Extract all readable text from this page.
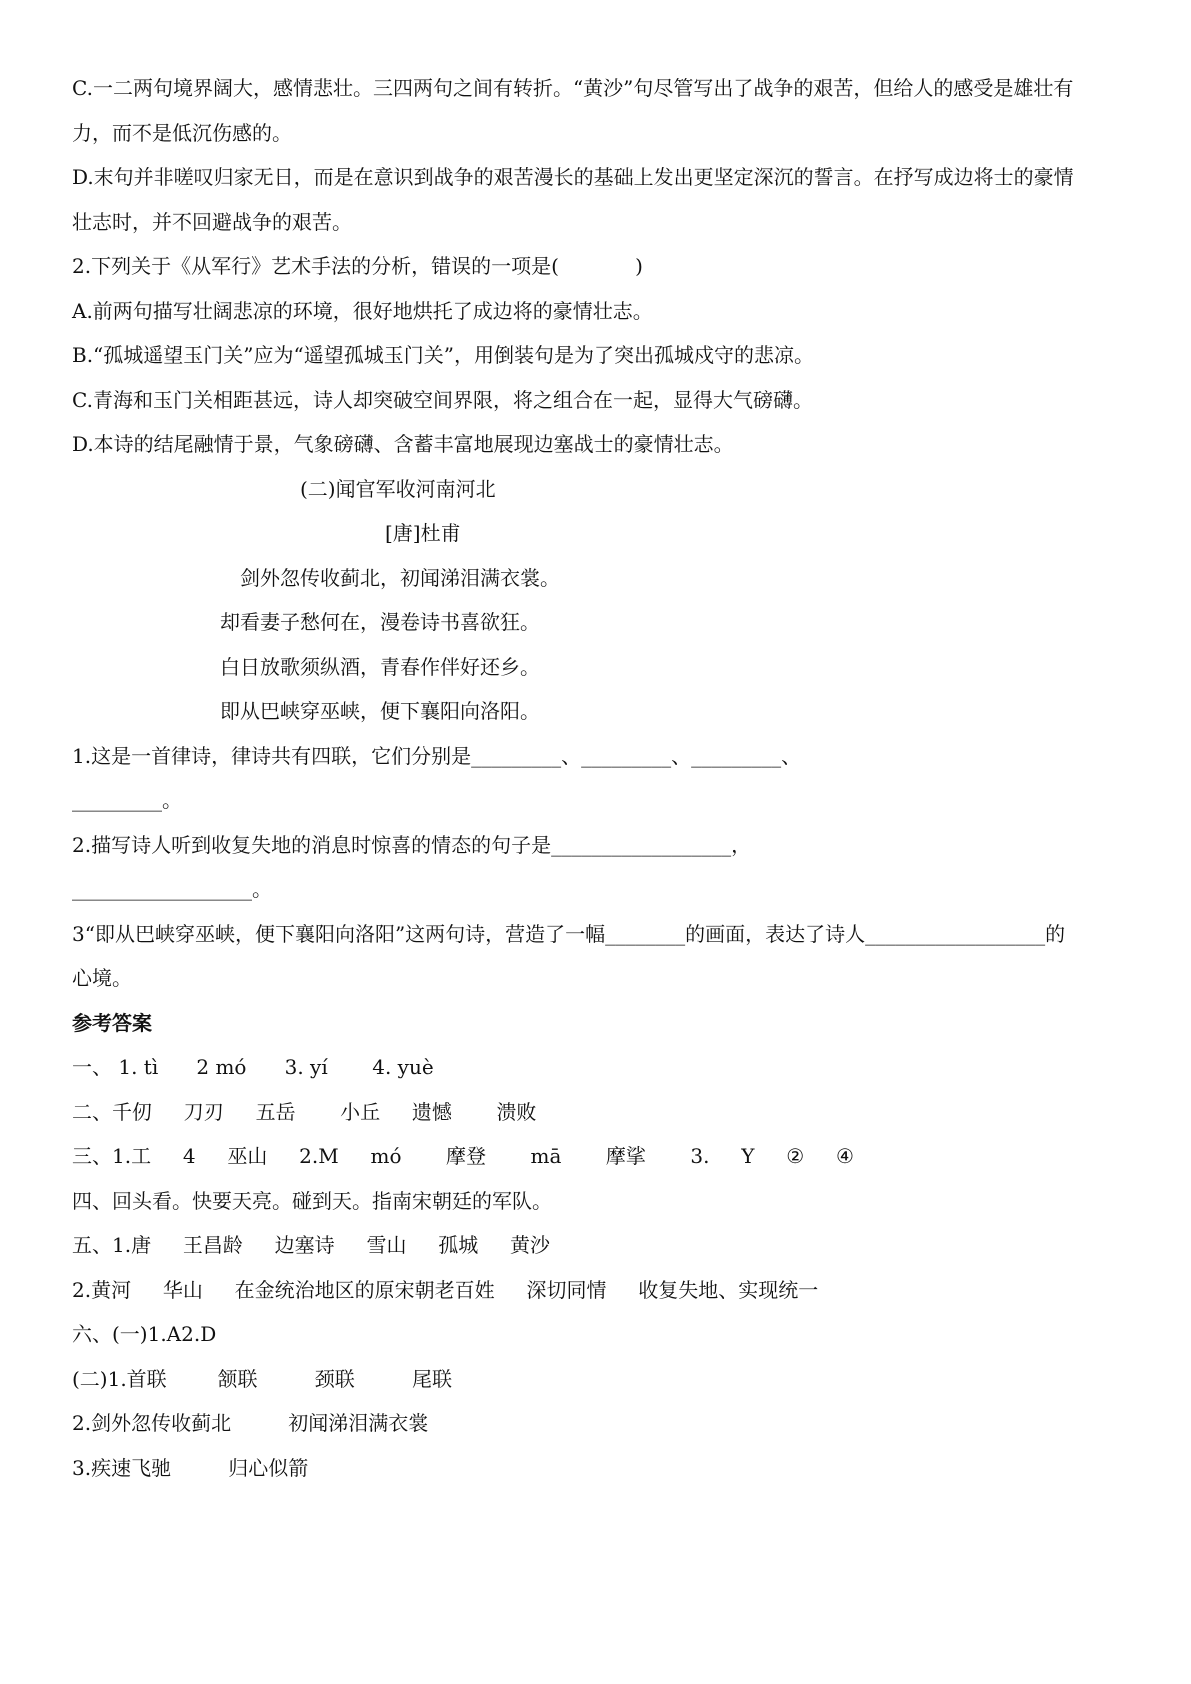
C.一二两句境界阔大，感情悲壮。三四两句之间有转折。“黄沙”句尽管写出了战争的艰苦，但给人的感受是雄壮有
力，而不是低沉伤感的。
D.末句并非嗟叹归家无日，而是在意识到战争的艰苦漫长的基础上发出更坚定深沉的誓言。在抒写成边将士的豪情
壮志时，并不回避战争的艰苦。
2.下列关于《从军行》艺术手法的分析，错误的一项是(            )
A.前两句描写壮阔悲凉的环境，很好地烘托了成边将的豪情壮志。
B.“孤城遥望玉门关”应为“遥望孤城玉门关”，用倒装句是为了突出孤城戍守的悲凉。
C.青海和玉门关相距甚远，诗人却突破空间界限，将之组合在一起，显得大气磅礴。
D.本诗的结尾融情于景，气象磅礴、含蓄丰富地展现边塞战士的豪情壮志。
(二)闻官军收河南河北
[唐]杜甫
剑外忽传收蓟北，初闻涕泪满衣裳。
却看妻子愁何在，漫卷诗书喜欲狂。
白日放歌须纵酒，青春作伴好还乡。
即从巴峡穿巫峡，便下襄阳向洛阳。
1.这是一首律诗，律诗共有四联，它们分别是_________、_________、_________、
_________。
2.描写诗人听到收复失地的消息时惊喜的情态的句子是__________________，
__________________。
3“即从巴峡穿巫峡，便下襄阳向洛阳”这两句诗，营造了一幅________的画面，表达了诗人__________________的
心境。
参考答案
一、 1. tì      2 mó      3. yí       4. yuè
二、千仞     刀刃     五岳       小丘     遗憾       溃败
三、1.工     4     巫山     2.M     mó       摩登       mā       摩挲       3.     Y     ②     ④
四、回头看。快要天亮。碰到天。指南宋朝廷的军队。
五、1.唐     王昌龄     边塞诗     雪山     孤城     黄沙
2.黄河     华山     在金统治地区的原宋朝老百姓     深切同情     收复失地、实现统一
六、(一)1.A2.D
(二)1.首联        颔联         颈联         尾联
2.剑外忽传收蓟北         初闻涕泪满衣裳
3.疾速飞驰         归心似箭
